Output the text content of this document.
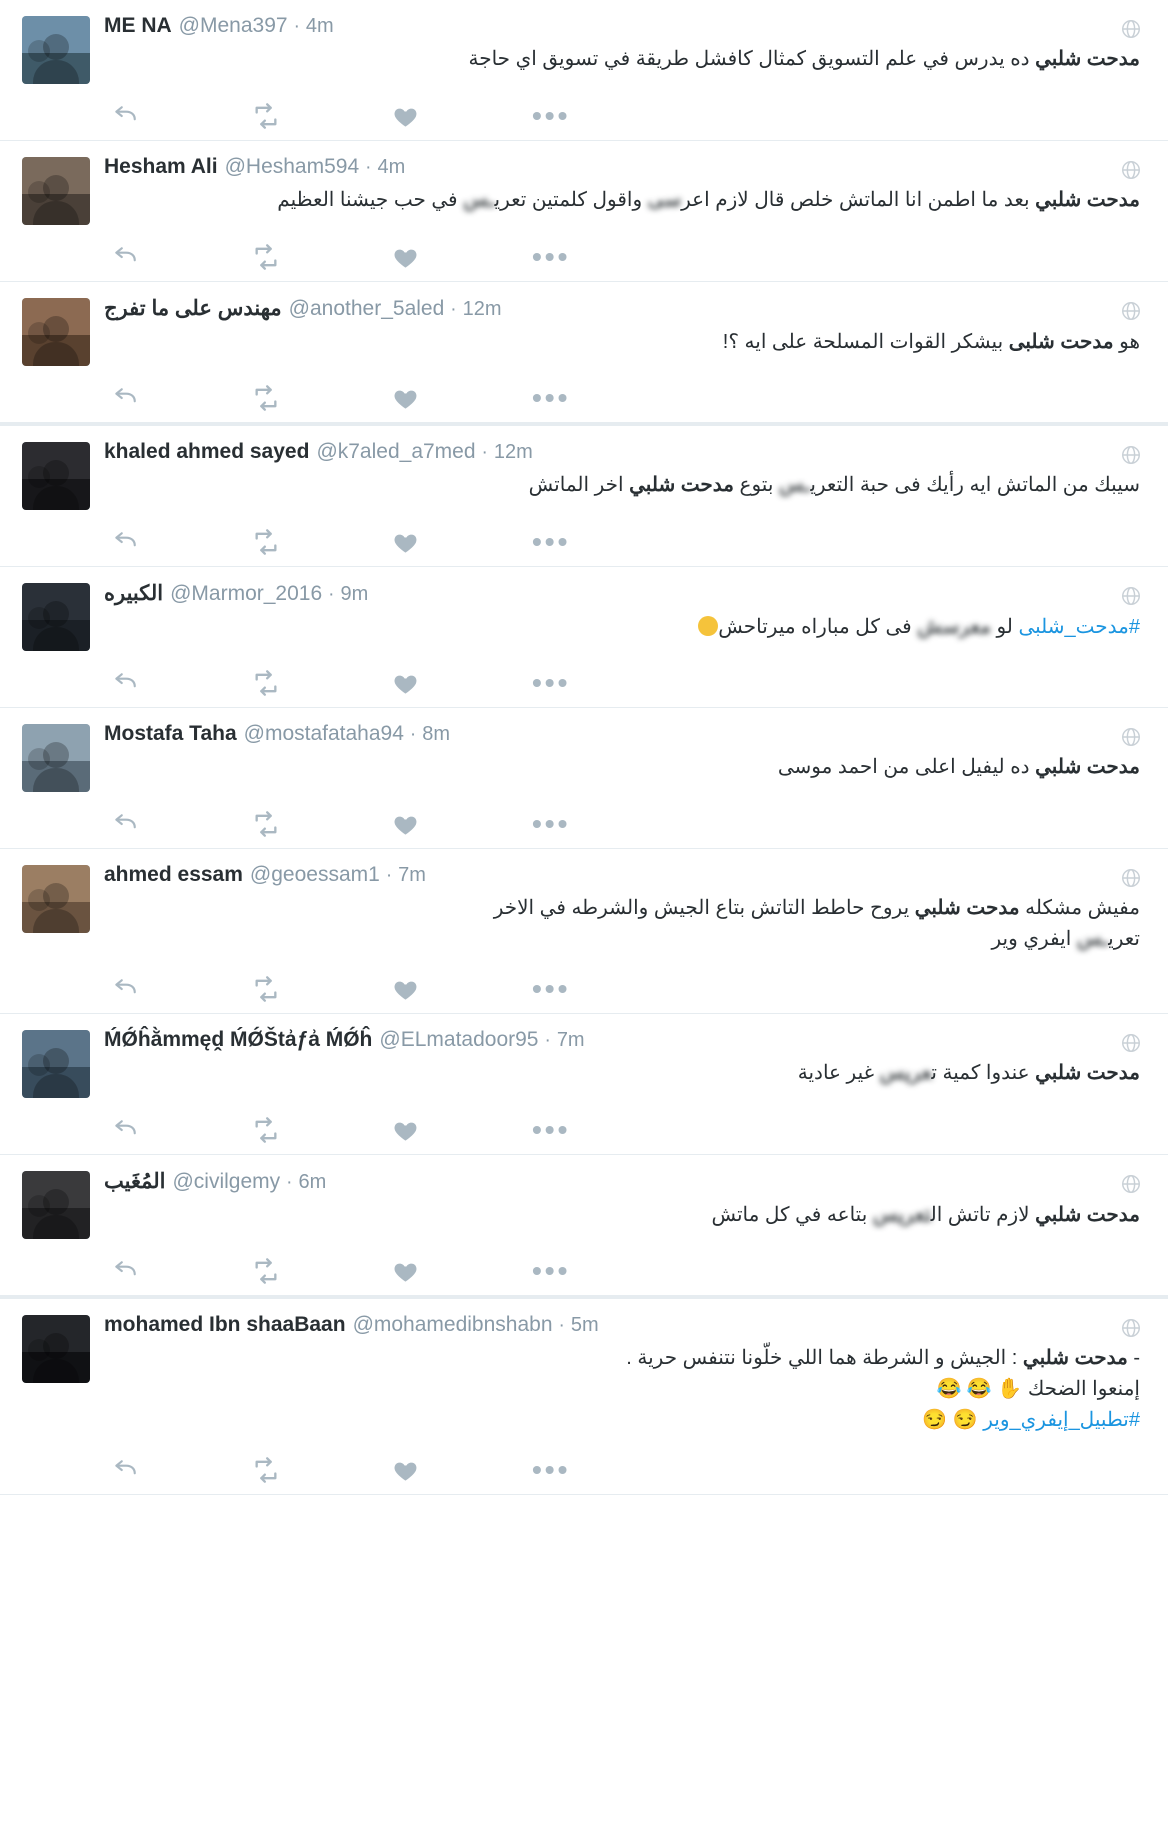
ME NA @Mena397 · 4m
مدحت شلبي ده يدرس في علم التسويق كمثال كافشل طريقة في تسويق اي حاجة
•••
Hesham Ali @Hesham594 · 4m
مدحت شلبي بعد ما اطمن انا الماتش خلص قال لازم اعرسى واقول كلمتين تعريـس في حب جيشنا العظيم
•••
مهندس على ما تفرج @another_5aled · 12m
هو مدحت شلبى بيشكر القوات المسلحة على ايه ؟!
•••
khaled ahmed sayed @k7aled_a7med · 12m
سيبك من الماتش ايه رأيك فى حبة التعريـس بتوع مدحت شلبي اخر الماتش
•••
الكبيره @Marmor_2016 · 9m
#مدحت_شلبى لو معرسش فى كل مباراه ميرتاحش
•••
Mostafa Taha @mostafataha94 · 8m
مدحت شلبي ده ليفيل اعلى من احمد موسى
•••
ahmed essam @geoessam1 · 7m
مفيش مشكله مدحت شلبي يروح حاطط التاتش بتاع الجيش والشرطه في الاخر
تعريـس ايفري وير
•••
ḾǾĥằmmęḓ ḾǾŠtẚƒẚ ḾǾĥ @ELmatadoor95 · 7m
مدحت شلبي عندوا كمية تعريس غير عادية
•••
المُغَيب @civilgemy · 6m
مدحت شلبي لازم تاتش التعريس بتاعه في كل ماتش
•••
mohamed Ibn shaaBaan @mohamedibnshabn · 5m
- مدحت شلبي : الجيش و الشرطة هما اللي خلّونا نتنفس حرية .
إمنعوا الضحك ✋ 😂 😂
#تطبيل_إيفري_وير 😏 😏
•••
